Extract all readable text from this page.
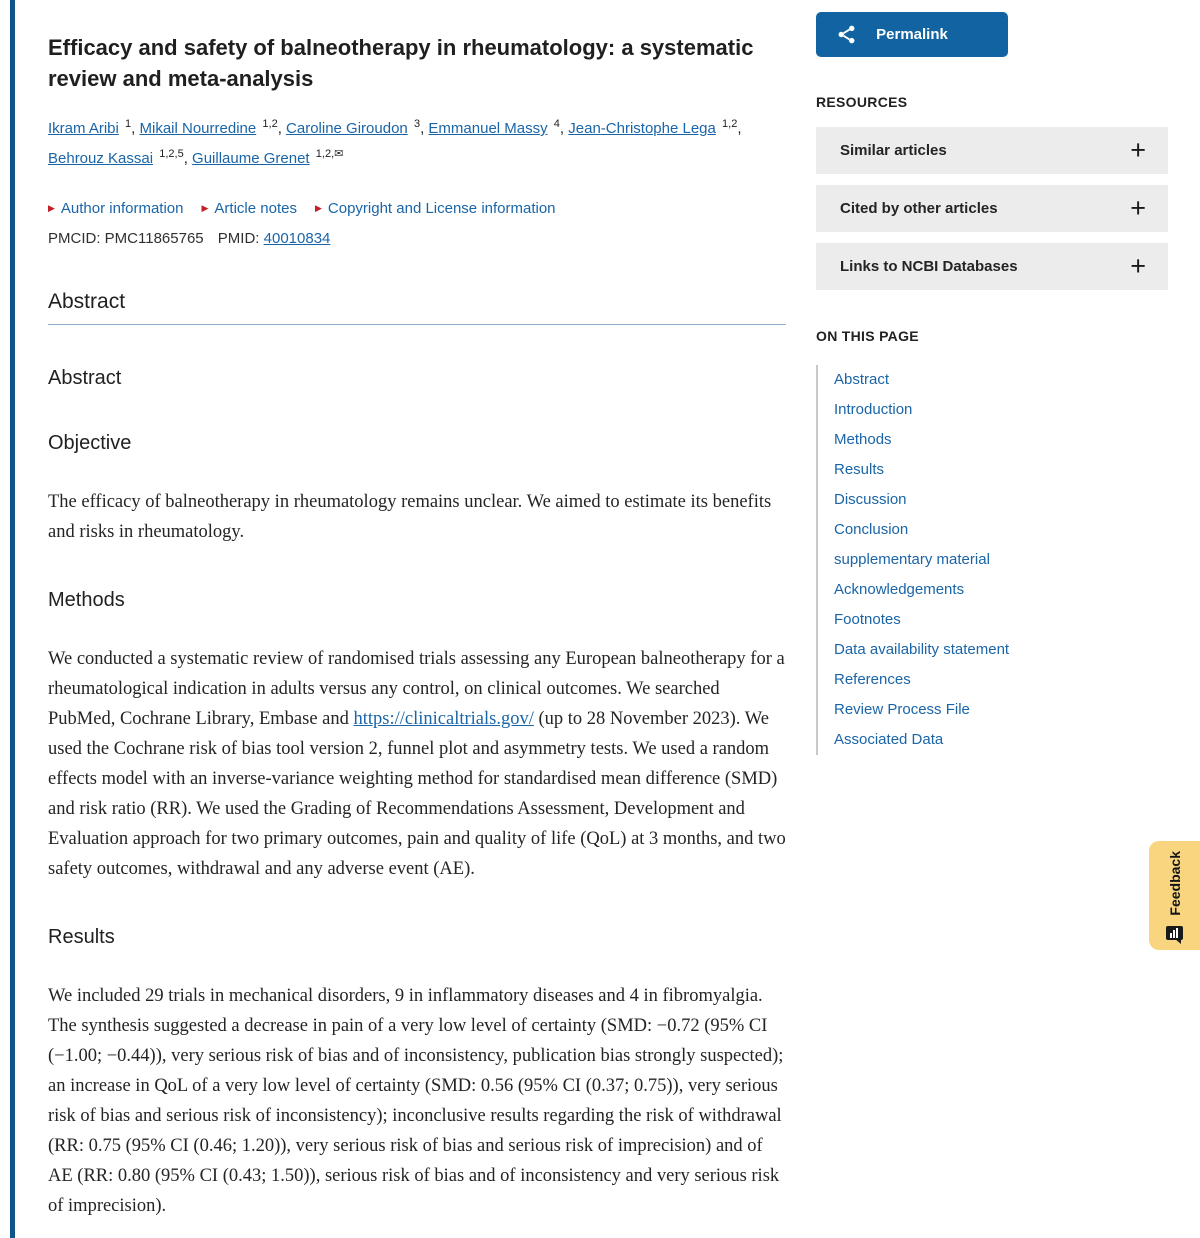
Efficacy and safety of balneotherapy in rheumatology: a systematic review and meta-analysis
Ikram Aribi $^1$, Mikail Nourredine $^{1,2}$, Caroline Giroudon $^3$, Emmanuel Massy $^4$, Jean-Christophe Lega $^{1,2}$, Behrouz Kassai $^{1,2,5}$, Guillaume Grenet $^{1,2,✉}$
▶ Author information ▶ Article notes ▶ Copyright and License information
PMCID: PMC11865765 PMID: 40010834
Abstract
Abstract
Objective

The efficacy of balneotherapy in rheumatology remains unclear. We aimed to estimate its benefits and risks in rheumatology.

Methods

We conducted a systematic review of randomised trials assessing any European balneotherapy for a rheumatological indication in adults versus any control, on clinical outcomes. We searched PubMed, Cochrane Library, Embase and https://clinicaltrials.gov/ (up to 28 November 2023). We used the Cochrane risk of bias tool version 2, funnel plot and asymmetry tests. We used a random effects model with an inverse-variance weighting method for standardised mean difference (SMD) and risk ratio (RR). We used the Grading of Recommendations Assessment, Development and Evaluation approach for two primary outcomes, pain and quality of life (QoL) at 3 months, and two safety outcomes, withdrawal and any adverse event (AE).

Results

We included 29 trials in mechanical disorders, 9 in inflammatory diseases and 4 in fibromyalgia. The synthesis suggested a decrease in pain of a very low level of certainty (SMD: −0.72 (95% CI (−1.00; −0.44)), very serious risk of bias and of inconsistency, publication bias strongly suspected); an increase in QoL of a very low level of certainty (SMD: 0.56 (95% CI (0.37; 0.75)), very serious risk of bias and serious risk of inconsistency); inconclusive results regarding the risk of withdrawal (RR: 0.75 (95% CI (0.46; 1.20)), very serious risk of bias and serious risk of imprecision) and of AE (RR: 0.80 (95% CI (0.43; 1.50)), serious risk of bias and of inconsistency and very serious risk of imprecision).

Permalink
RESOURCES
Similar articles	+
Cited by other articles	+
Links to NCBI Databases	+
ON THIS PAGE
Abstract
Introduction
Methods
Results
Discussion
Conclusion
supplementary material
Acknowledgements
Footnotes
Data availability statement
References
Review Process File
Associated Data
Feedback
